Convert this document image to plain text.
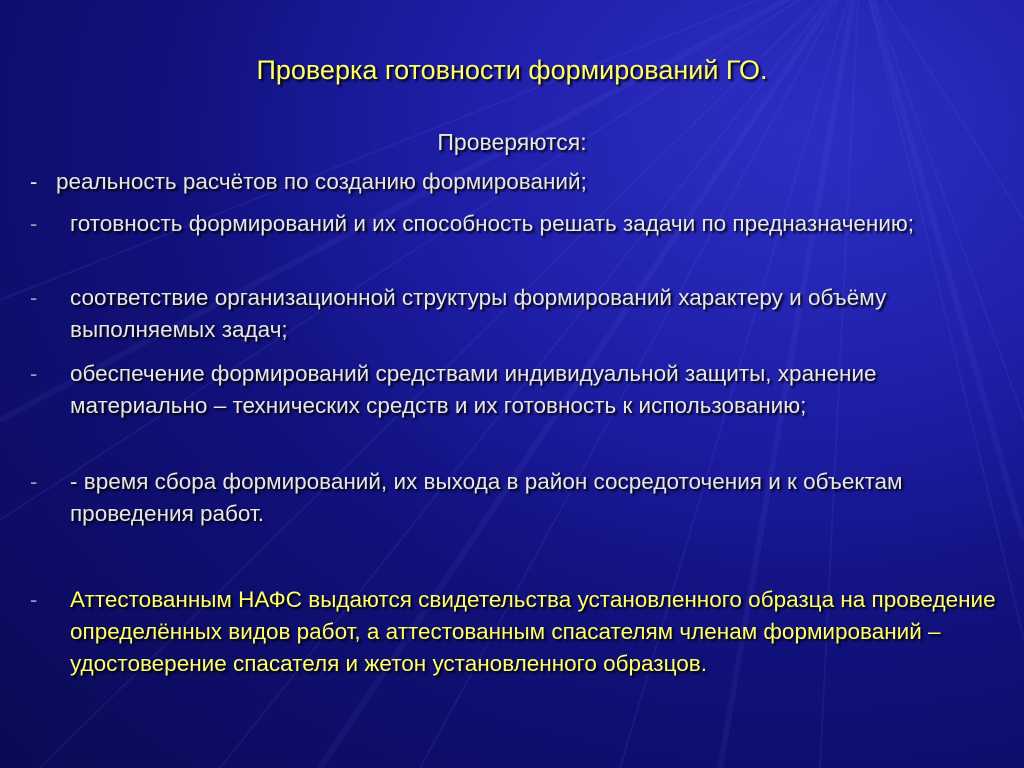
Проверка готовности формирований ГО.
Проверяются:
- реальность расчётов по созданию формирований;
- готовность формирований и их способность решать задачи по предназначению;
- соответствие организационной структуры формирований характеру и объёму выполняемых задач;
- обеспечение формирований средствами индивидуальной защиты, хранение материально – технических средств и их готовность к использованию;
- - время сбора формирований, их выхода в район сосредоточения и к объектам проведения работ.
- Аттестованным НАФС выдаются свидетельства установленного образца на проведение определённых видов работ, а аттестованным спасателям членам формирований – удостоверение спасателя и жетон установленного образцов.
